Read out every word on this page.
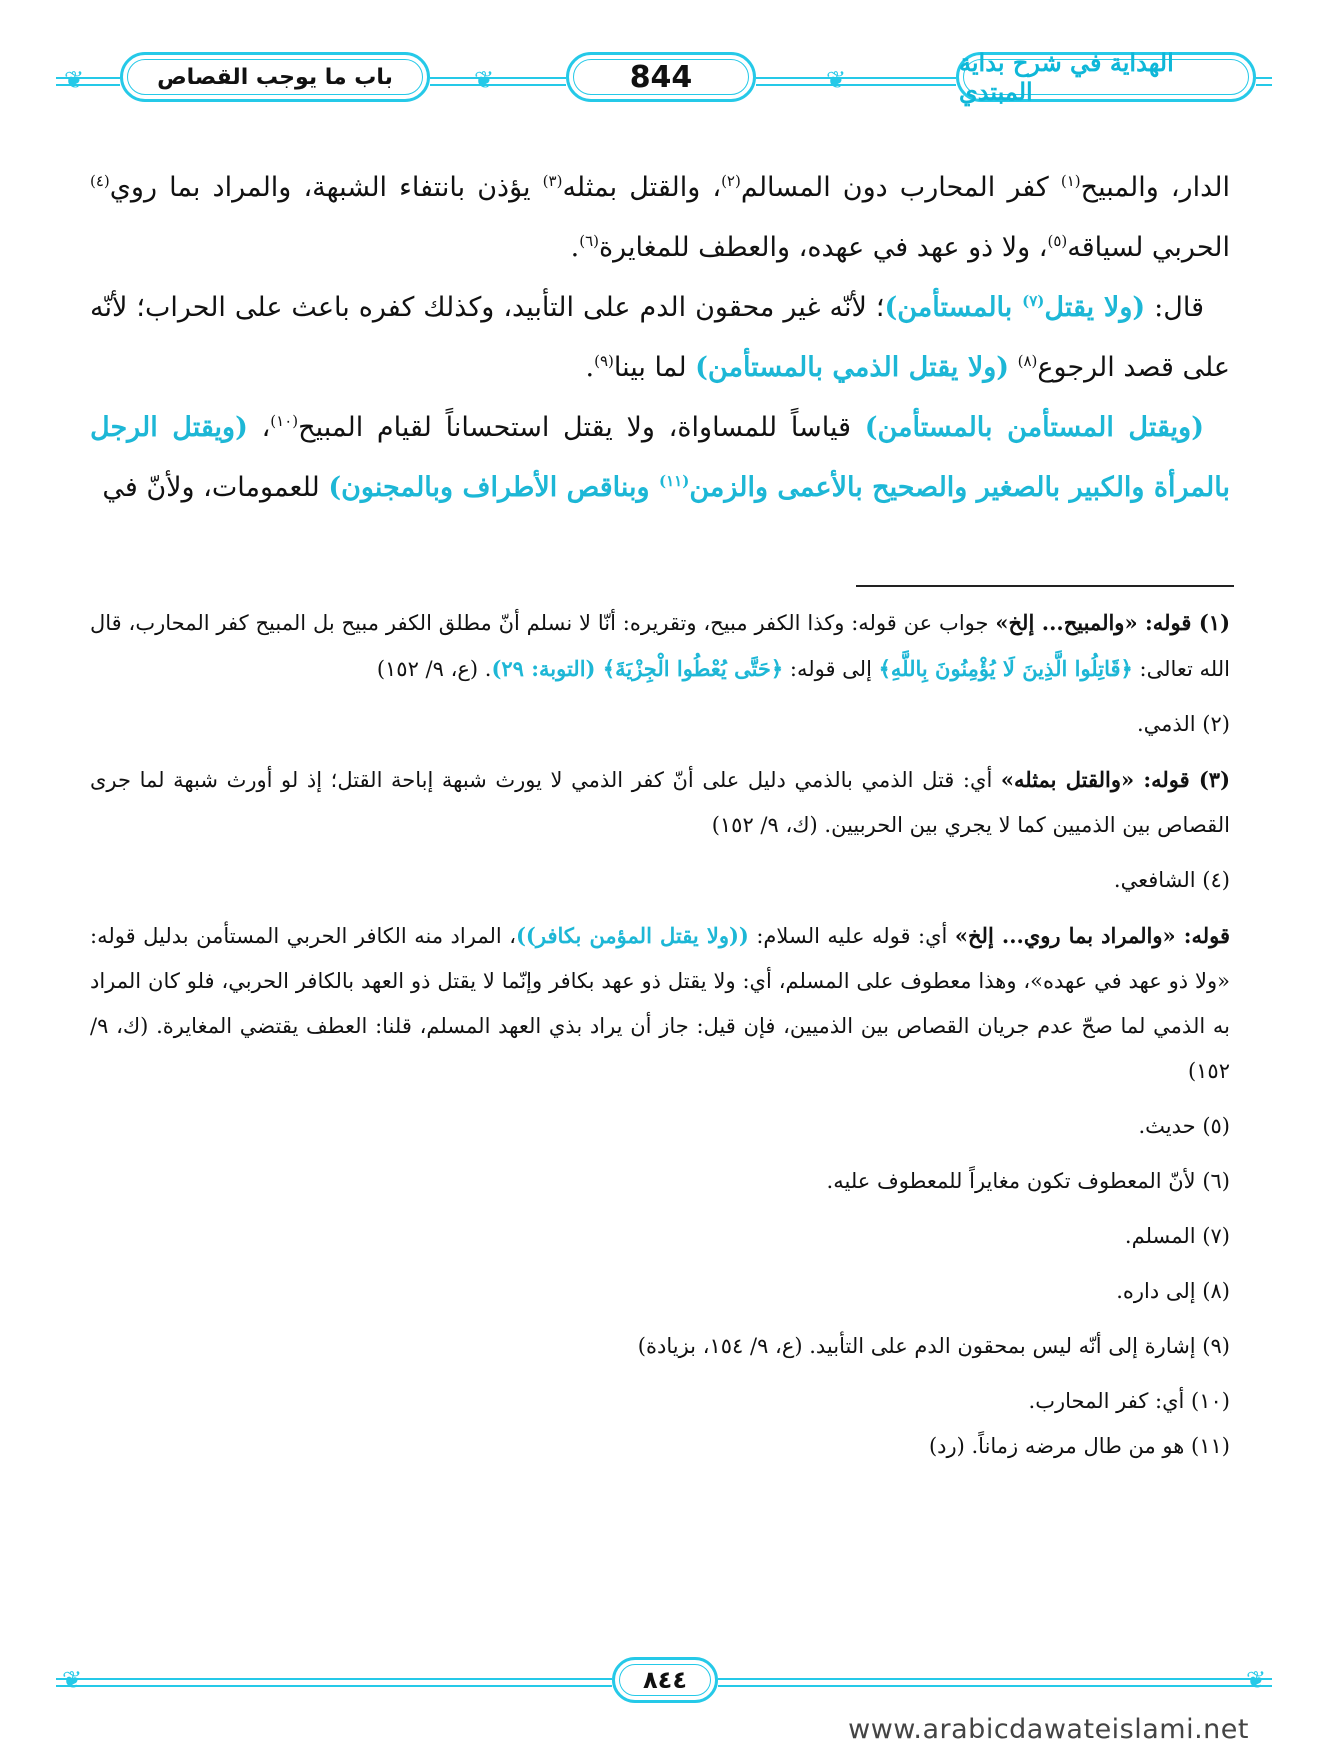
❦	❦	❦
باب ما يوجب القصاص	844	الهداية في شرح بداية المبتدي

الدار، والمبيح$^{(١)}$ كفر المحارب دون المسالم$^{(٢)}$، والقتل بمثله$^{(٣)}$ يؤذن بانتفاء الشبهة، والمراد بما روي$^{(٤)}$ الحربي لسياقه$^{(٥)}$، ولا ذو عهد في عهده، والعطف للمغايرة$^{(٦)}$.

قال: (ولا يقتل$^{(٧)}$ بالمستأمن)؛ لأنّه غير محقون الدم على التأبيد، وكذلك كفره باعث على الحراب؛ لأنّه على قصد الرجوع$^{(٨)}$ (ولا يقتل الذمي بالمستأمن) لما بينا$^{(٩)}$.

(ويقتل المستأمن بالمستأمن) قياساً للمساواة، ولا يقتل استحساناً لقيام المبيح$^{(١٠)}$، (ويقتل الرجل بالمرأة والكبير بالصغير والصحيح بالأعمى والزمن$^{(١١)}$ وبناقص الأطراف وبالمجنون) للعمومات، ولأنّ في

(١) قوله: «والمبيح... إلخ» جواب عن قوله: وكذا الكفر مبيح، وتقريره: أنّا لا نسلم أنّ مطلق الكفر مبيح بل المبيح كفر المحارب، قال الله تعالى: ﴿قَاتِلُوا الَّذِينَ لَا يُؤْمِنُونَ بِاللَّهِ﴾ إلى قوله: ﴿حَتَّى يُعْطُوا الْجِزْيَةَ﴾ (التوبة: ٢٩). (ع، ٩/ ١٥٢)

(٢) الذمي.

(٣) قوله: «والقتل بمثله» أي: قتل الذمي بالذمي دليل على أنّ كفر الذمي لا يورث شبهة إباحة القتل؛ إذ لو أورث شبهة لما جرى القصاص بين الذميين كما لا يجري بين الحربيين. (ك، ٩/ ١٥٢)

(٤) الشافعي.

قوله: «والمراد بما روي... إلخ» أي: قوله عليه السلام: ((ولا يقتل المؤمن بكافر))، المراد منه الكافر الحربي المستأمن بدليل قوله: «ولا ذو عهد في عهده»، وهذا معطوف على المسلم، أي: ولا يقتل ذو عهد بكافر وإنّما لا يقتل ذو العهد بالكافر الحربي، فلو كان المراد به الذمي لما صحّ عدم جريان القصاص بين الذميين، فإن قيل: جاز أن يراد بذي العهد المسلم، قلنا: العطف يقتضي المغايرة. (ك، ٩/ ١٥٢)

(٥) حديث.

(٦) لأنّ المعطوف تكون مغايراً للمعطوف عليه.

(٧) المسلم.

(٨) إلى داره.

(٩) إشارة إلى أنّه ليس بمحقون الدم على التأبيد. (ع، ٩/ ١٥٤، بزيادة)

(١٠) أي: كفر المحارب.

(١١) هو من طال مرضه زماناً. (رد)

❦	❦
٨٤٤
www.arabicdawateislami.net
